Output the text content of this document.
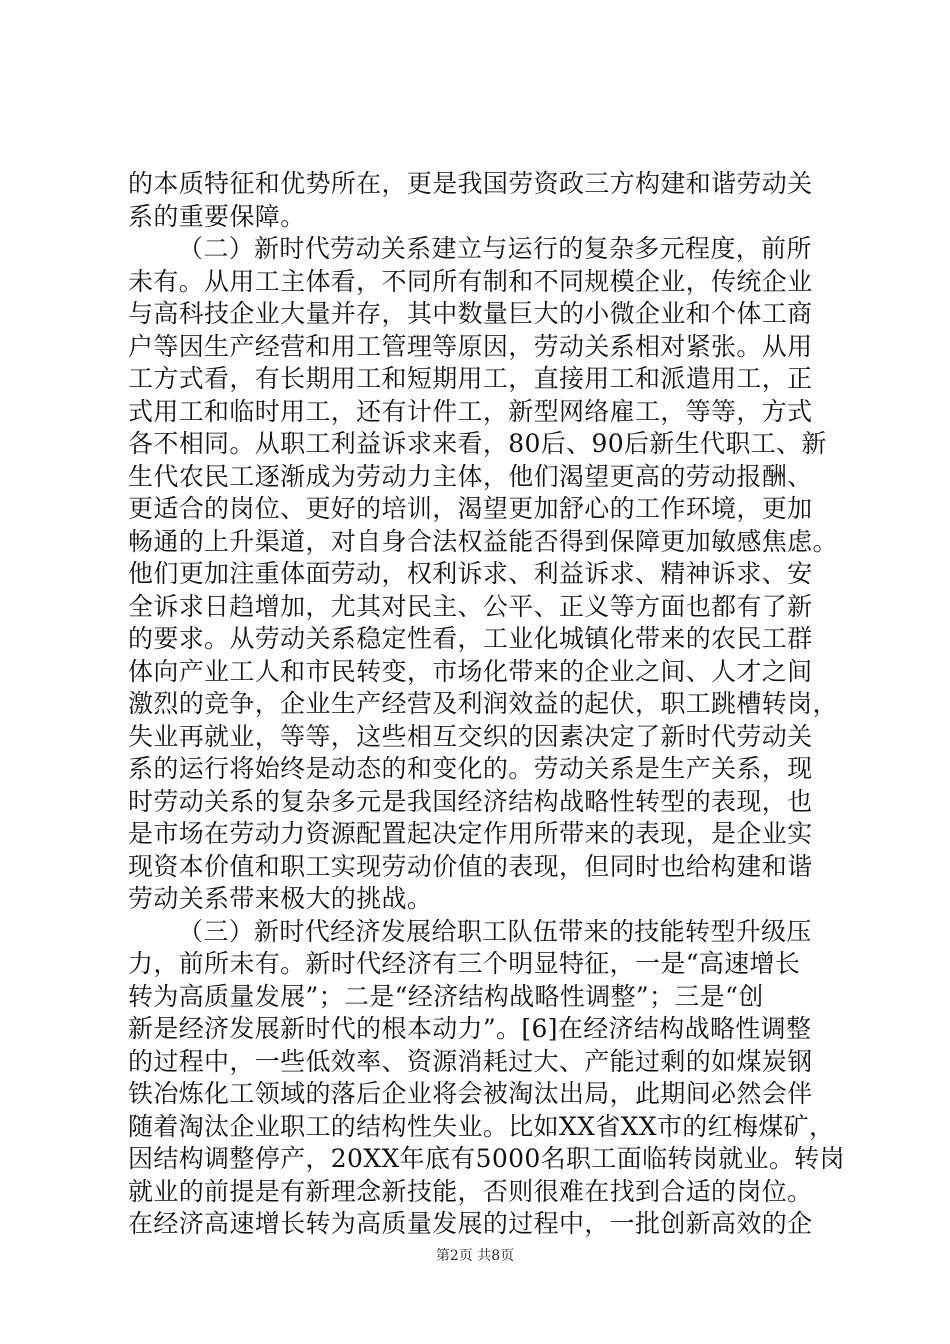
的本质特征和优势所在，更是我国劳资政三方构建和谐劳动关
系的重要保障。
（二）新时代劳动关系建立与运行的复杂多元程度，前所
未有。从用工主体看，不同所有制和不同规模企业，传统企业
与高科技企业大量并存，其中数量巨大的小微企业和个体工商
户等因生产经营和用工管理等原因，劳动关系相对紧张。从用
工方式看，有长期用工和短期用工，直接用工和派遣用工，正
式用工和临时用工，还有计件工，新型网络雇工，等等，方式
各不相同。从职工利益诉求来看，80后、90后新生代职工、新
生代农民工逐渐成为劳动力主体，他们渴望更高的劳动报酬、
更适合的岗位、更好的培训，渴望更加舒心的工作环境，更加
畅通的上升渠道，对自身合法权益能否得到保障更加敏感焦虑。
他们更加注重体面劳动，权利诉求、利益诉求、精神诉求、安
全诉求日趋增加，尤其对民主、公平、正义等方面也都有了新
的要求。从劳动关系稳定性看，工业化城镇化带来的农民工群
体向产业工人和市民转变，市场化带来的企业之间、人才之间
激烈的竞争，企业生产经营及利润效益的起伏，职工跳槽转岗，
失业再就业，等等，这些相互交织的因素决定了新时代劳动关
系的运行将始终是动态的和变化的。劳动关系是生产关系，现
时劳动关系的复杂多元是我国经济结构战略性转型的表现，也
是市场在劳动力资源配置起决定作用所带来的表现，是企业实
现资本价值和职工实现劳动价值的表现，但同时也给构建和谐
劳动关系带来极大的挑战。
（三）新时代经济发展给职工队伍带来的技能转型升级压
力，前所未有。新时代经济有三个明显特征，一是“高速增长
转为高质量发展”；二是“经济结构战略性调整”；三是“创
新是经济发展新时代的根本动力”。[6]在经济结构战略性调整
的过程中，一些低效率、资源消耗过大、产能过剩的如煤炭钢
铁冶炼化工领域的落后企业将会被淘汰出局，此期间必然会伴
随着淘汰企业职工的结构性失业。比如XX省XX市的红梅煤矿，
因结构调整停产，20XX年底有5000名职工面临转岗就业。转岗
就业的前提是有新理念新技能，否则很难在找到合适的岗位。
在经济高速增长转为高质量发展的过程中，一批创新高效的企
第2页 共8页
